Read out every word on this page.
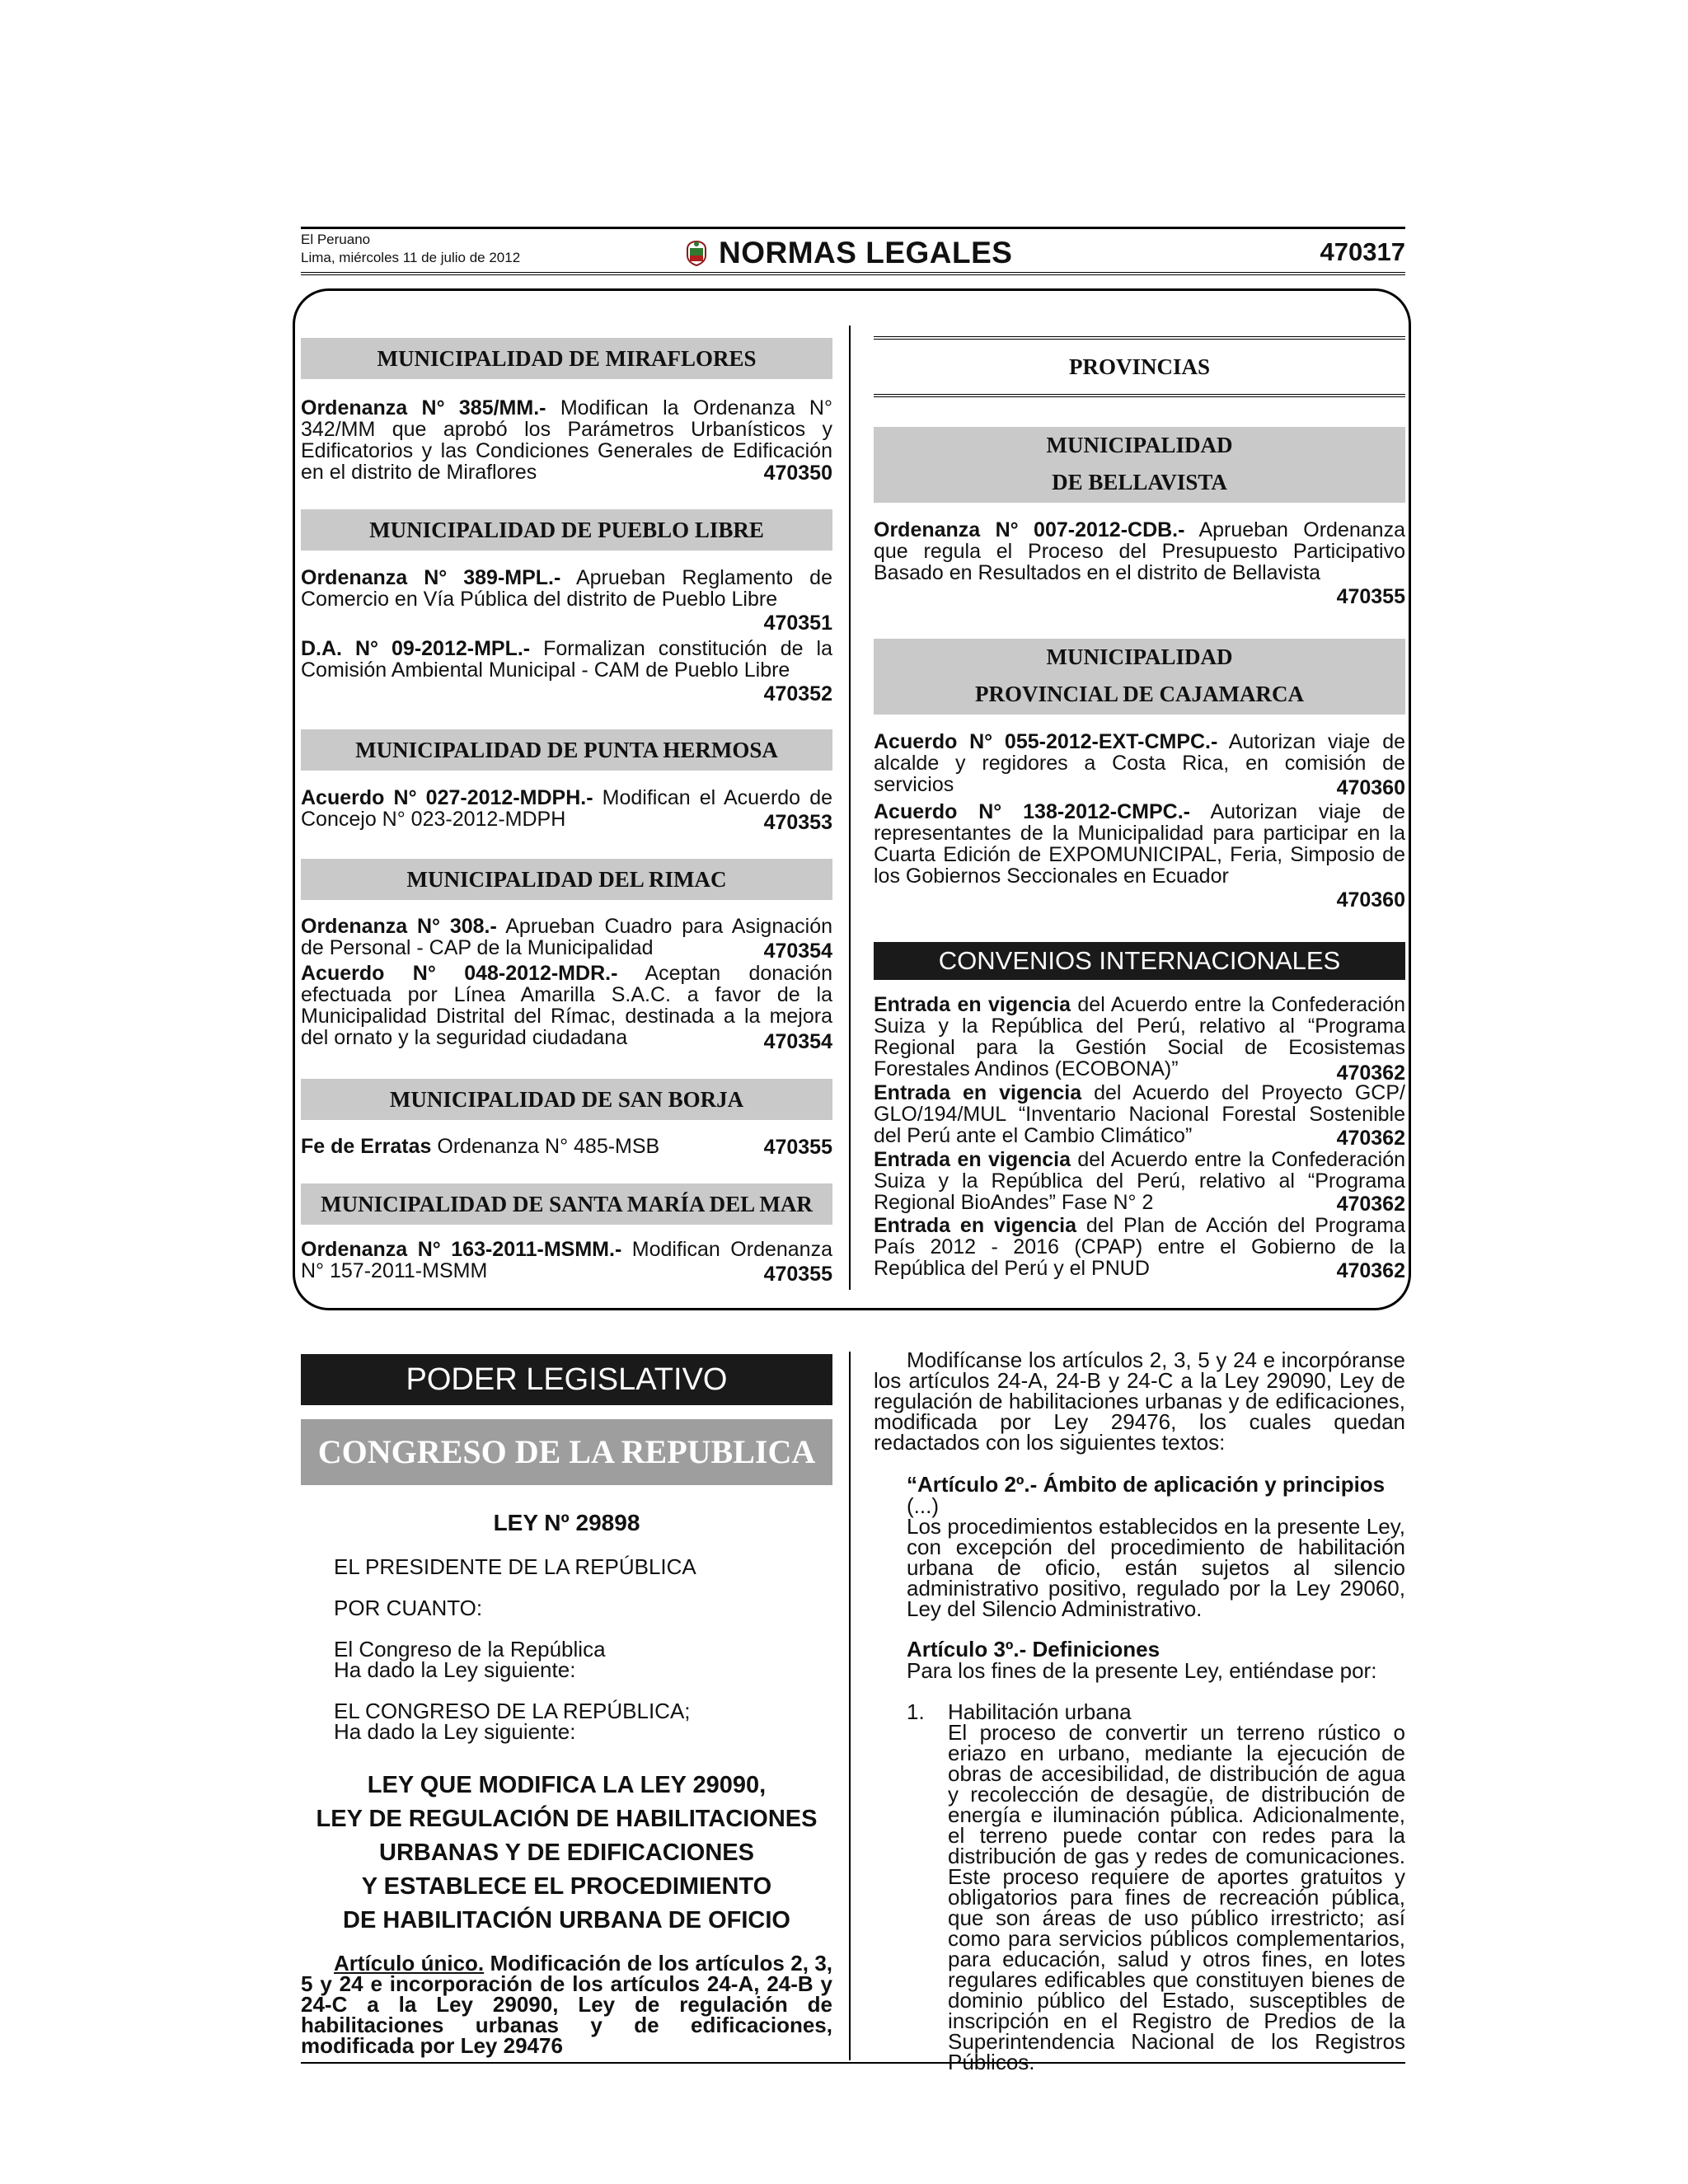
El Peruano
Lima, miércoles 11 de julio de 2012	NORMAS LEGALES	470317
MUNICIPALIDAD DE MIRAFLORES
Ordenanza N° 385/MM.- Modifican la Ordenanza N° 342/MM que aprobó los Parámetros Urbanísticos y Edificatorios y las Condiciones Generales de Edificación en el distrito de Miraflores	470350
MUNICIPALIDAD DE PUEBLO LIBRE
Ordenanza N° 389-MPL.- Aprueban Reglamento de Comercio en Vía Pública del distrito de Pueblo Libre
470351
D.A. N° 09-2012-MPL.- Formalizan constitución de la Comisión Ambiental Municipal - CAM de Pueblo Libre
470352
MUNICIPALIDAD DE PUNTA HERMOSA
Acuerdo N° 027-2012-MDPH.- Modifican el Acuerdo de Concejo N° 023-2012-MDPH	470353
MUNICIPALIDAD DEL RIMAC
Ordenanza N° 308.- Aprueban Cuadro para Asignación de Personal - CAP de la Municipalidad	470354
Acuerdo N° 048-2012-MDR.- Aceptan donación efectuada por Línea Amarilla S.A.C. a favor de la Municipalidad Distrital del Rímac, destinada a la mejora del ornato y la seguridad ciudadana	470354
MUNICIPALIDAD DE SAN BORJA
Fe de Erratas Ordenanza N° 485-MSB	470355
MUNICIPALIDAD DE SANTA MARÍA DEL MAR
Ordenanza N° 163-2011-MSMM.- Modifican Ordenanza N° 157-2011-MSMM	470355
PROVINCIAS
MUNICIPALIDAD
DE BELLAVISTA
Ordenanza N° 007-2012-CDB.- Aprueban Ordenanza que regula el Proceso del Presupuesto Participativo Basado en Resultados en el distrito de Bellavista
470355
MUNICIPALIDAD
PROVINCIAL DE CAJAMARCA
Acuerdo N° 055-2012-EXT-CMPC.- Autorizan viaje de alcalde y regidores a Costa Rica, en comisión de servicios	470360
Acuerdo N° 138-2012-CMPC.- Autorizan viaje de representantes de la Municipalidad para participar en la Cuarta Edición de EXPOMUNICIPAL, Feria, Simposio de los Gobiernos Seccionales en Ecuador
470360
CONVENIOS INTERNACIONALES
Entrada en vigencia del Acuerdo entre la Confederación Suiza y la República del Perú, relativo al “Programa Regional para la Gestión Social de Ecosistemas Forestales Andinos (ECOBONA)”	470362
Entrada en vigencia del Acuerdo del Proyecto GCP/ GLO/194/MUL “Inventario Nacional Forestal Sostenible del Perú ante el Cambio Climático”	470362
Entrada en vigencia del Acuerdo entre la Confederación Suiza y la República del Perú, relativo al “Programa Regional BioAndes” Fase N° 2	470362
Entrada en vigencia del Plan de Acción del Programa País 2012 - 2016 (CPAP) entre el Gobierno de la República del Perú y el PNUD	470362
PODER LEGISLATIVO
CONGRESO DE LA REPUBLICA
LEY Nº 29898
EL PRESIDENTE DE LA REPÚBLICA
POR CUANTO:
El Congreso de la República
Ha dado la Ley siguiente:
EL CONGRESO DE LA REPÚBLICA;
Ha dado la Ley siguiente:
LEY QUE MODIFICA LA LEY 29090,
LEY DE REGULACIÓN DE HABILITACIONES
URBANAS Y DE EDIFICACIONES
Y ESTABLECE EL PROCEDIMIENTO
DE HABILITACIÓN URBANA DE OFICIO
Artículo único. Modificación de los artículos 2, 3, 5 y 24 e incorporación de los artículos 24-A, 24-B y 24-C a la Ley 29090, Ley de regulación de habilitaciones urbanas y de edificaciones, modificada por Ley 29476
Modifícanse los artículos 2, 3, 5 y 24 e incorpóranse los artículos 24-A, 24-B y 24-C a la Ley 29090, Ley de regulación de habilitaciones urbanas y de edificaciones, modificada por Ley 29476, los cuales quedan redactados con los siguientes textos:
“Artículo 2º.- Ámbito de aplicación y principios
(...)
Los procedimientos establecidos en la presente Ley, con excepción del procedimiento de habilitación urbana de oficio, están sujetos al silencio administrativo positivo, regulado por la Ley 29060, Ley del Silencio Administrativo.
Artículo 3º.- Definiciones
Para los fines de la presente Ley, entiéndase por:
1. Habilitación urbana
El proceso de convertir un terreno rústico o eriazo en urbano, mediante la ejecución de obras de accesibilidad, de distribución de agua y recolección de desagüe, de distribución de energía e iluminación pública. Adicionalmente, el terreno puede contar con redes para la distribución de gas y redes de comunicaciones. Este proceso requiere de aportes gratuitos y obligatorios para fines de recreación pública, que son áreas de uso público irrestricto; así como para servicios públicos complementarios, para educación, salud y otros fines, en lotes regulares edificables que constituyen bienes de dominio público del Estado, susceptibles de inscripción en el Registro de Predios de la Superintendencia Nacional de los Registros Públicos.
